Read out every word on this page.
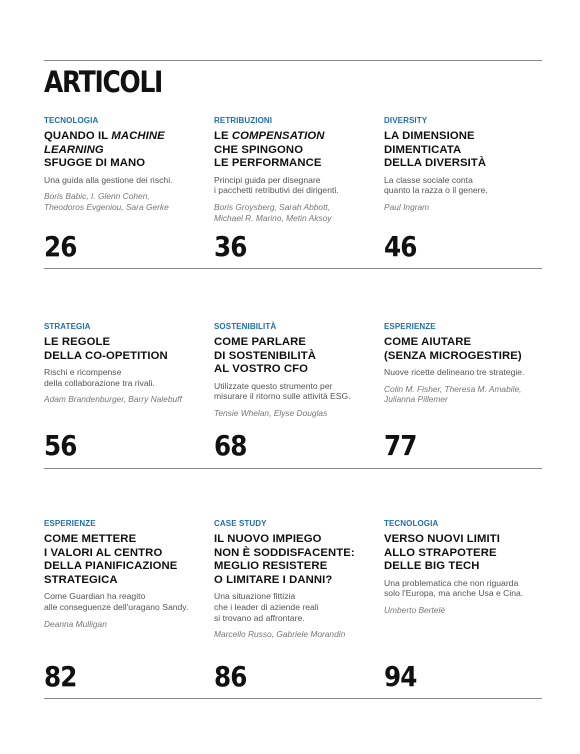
ARTICOLI
TECNOLOGIA
QUANDO IL MACHINE
LEARNING
SFUGGE DI MANO
Una guida alla gestione dei rischi.
Boris Babic, I. Glenn Cohen,
Theodoros Evgeniou, Sara Gerke
26
RETRIBUZIONI
LE COMPENSATION
CHE SPINGONO
LE PERFORMANCE
Principi guida per disegnare
i pacchetti retributivi dei dirigenti.
Boris Groysberg, Sarah Abbott,
Michael R. Marino, Metin Aksoy
36
DIVERSITY
LA DIMENSIONE
DIMENTICATA
DELLA DIVERSITÀ
La classe sociale conta
quanto la razza o il genere.
Paul Ingram
46
STRATEGIA
LE REGOLE
DELLA CO-OPETITION
Rischi e ricompense
della collaborazione tra rivali.
Adam Brandenburger, Barry Nalebuff
56
SOSTENIBILITÀ
COME PARLARE
DI SOSTENIBILITÀ
AL VOSTRO CFO
Utilizzate questo strumento per
misurare il ritorno sulle attività ESG.
Tensie Whelan, Elyse Douglas
68
ESPERIENZE
COME AIUTARE
(SENZA MICROGESTIRE)
Nuove ricette delineano tre strategie.
Colin M. Fisher, Theresa M. Amabile,
Julianna Pillemer
77
ESPERIENZE
COME METTERE
I VALORI AL CENTRO
DELLA PIANIFICAZIONE
STRATEGICA
Come Guardian ha reagito
alle conseguenze dell'uragano Sandy.
Deanna Mulligan
82
CASE STUDY
IL NUOVO IMPIEGO
NON È SODDISFACENTE:
MEGLIO RESISTERE
O LIMITARE I DANNI?
Una situazione fittizia
che i leader di aziende reali
si trovano ad affrontare.
Marcello Russo, Gabriele Morandin
86
TECNOLOGIA
VERSO NUOVI LIMITI
ALLO STRAPOTERE
DELLE BIG TECH
Una problematica che non riguarda
solo l'Europa, ma anche Usa e Cina.
Umberto Bertelè
94
